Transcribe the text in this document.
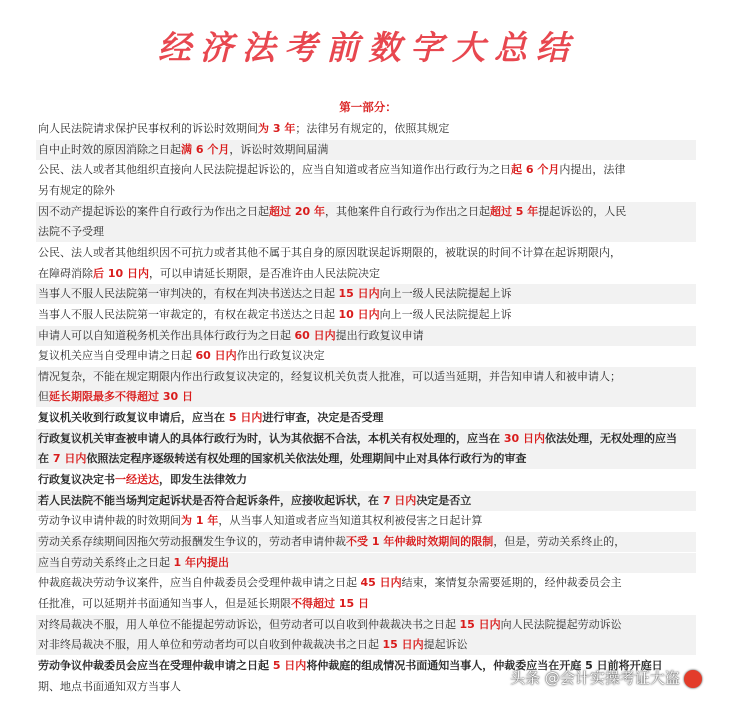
经济法考前数字大总结
第一部分：
向人民法院请求保护民事权利的诉讼时效期间为 3 年；法律另有规定的，依照其规定
自中止时效的原因消除之日起满 6 个月，诉讼时效期间届满
公民、法人或者其他组织直接向人民法院提起诉讼的，应当自知道或者应当知道作出行政行为之日起 6 个月内提出，法律
另有规定的除外
因不动产提起诉讼的案件自行政行为作出之日起超过 20 年，其他案件自行政行为作出之日起超过 5 年提起诉讼的，人民
法院不予受理
公民、法人或者其他组织因不可抗力或者其他不属于其自身的原因耽误起诉期限的，被耽误的时间不计算在起诉期限内，
在障碍消除后 10 日内，可以申请延长期限，是否准许由人民法院决定
当事人不服人民法院第一审判决的，有权在判决书送达之日起 15 日内向上一级人民法院提起上诉
当事人不服人民法院第一审裁定的，有权在裁定书送达之日起 10 日内向上一级人民法院提起上诉
申请人可以自知道税务机关作出具体行政行为之日起 60 日内提出行政复议申请
复议机关应当自受理申请之日起 60 日内作出行政复议决定
情况复杂，不能在规定期限内作出行政复议决定的，经复议机关负责人批准，可以适当延期，并告知申请人和被申请人；
但延长期限最多不得超过 30 日
复议机关收到行政复议申请后，应当在 5 日内进行审查，决定是否受理
行政复议机关审查被申请人的具体行政行为时，认为其依据不合法，本机关有权处理的，应当在 30 日内依法处理，无权处理的应当
在 7 日内依照法定程序逐级转送有权处理的国家机关依法处理，处理期间中止对具体行政行为的审查
行政复议决定书一经送达，即发生法律效力
若人民法院不能当场判定起诉状是否符合起诉条件，应接收起诉状，在 7 日内决定是否立
劳动争议申请仲裁的时效期间为 1 年，从当事人知道或者应当知道其权利被侵害之日起计算
劳动关系存续期间因拖欠劳动报酬发生争议的，劳动者申请仲裁不受 1 年仲裁时效期间的限制，但是，劳动关系终止的，
应当自劳动关系终止之日起 1 年内提出
仲裁庭裁决劳动争议案件，应当自仲裁委员会受理仲裁申请之日起 45 日内结束，案情复杂需要延期的，经仲裁委员会主
任批准，可以延期并书面通知当事人，但是延长期限不得超过 15 日
对终局裁决不服，用人单位不能提起劳动诉讼，但劳动者可以自收到仲裁裁决书之日起 15 日内向人民法院提起劳动诉讼
对非终局裁决不服，用人单位和劳动者均可以自收到仲裁裁决书之日起 15 日内提起诉讼
劳动争议仲裁委员会应当在受理仲裁申请之日起 5 日内将仲裁庭的组成情况书面通知当事人，仲裁委应当在开庭 5 日前将开庭日
期、地点书面通知双方当事人	头条 @会计实操考证大盗
